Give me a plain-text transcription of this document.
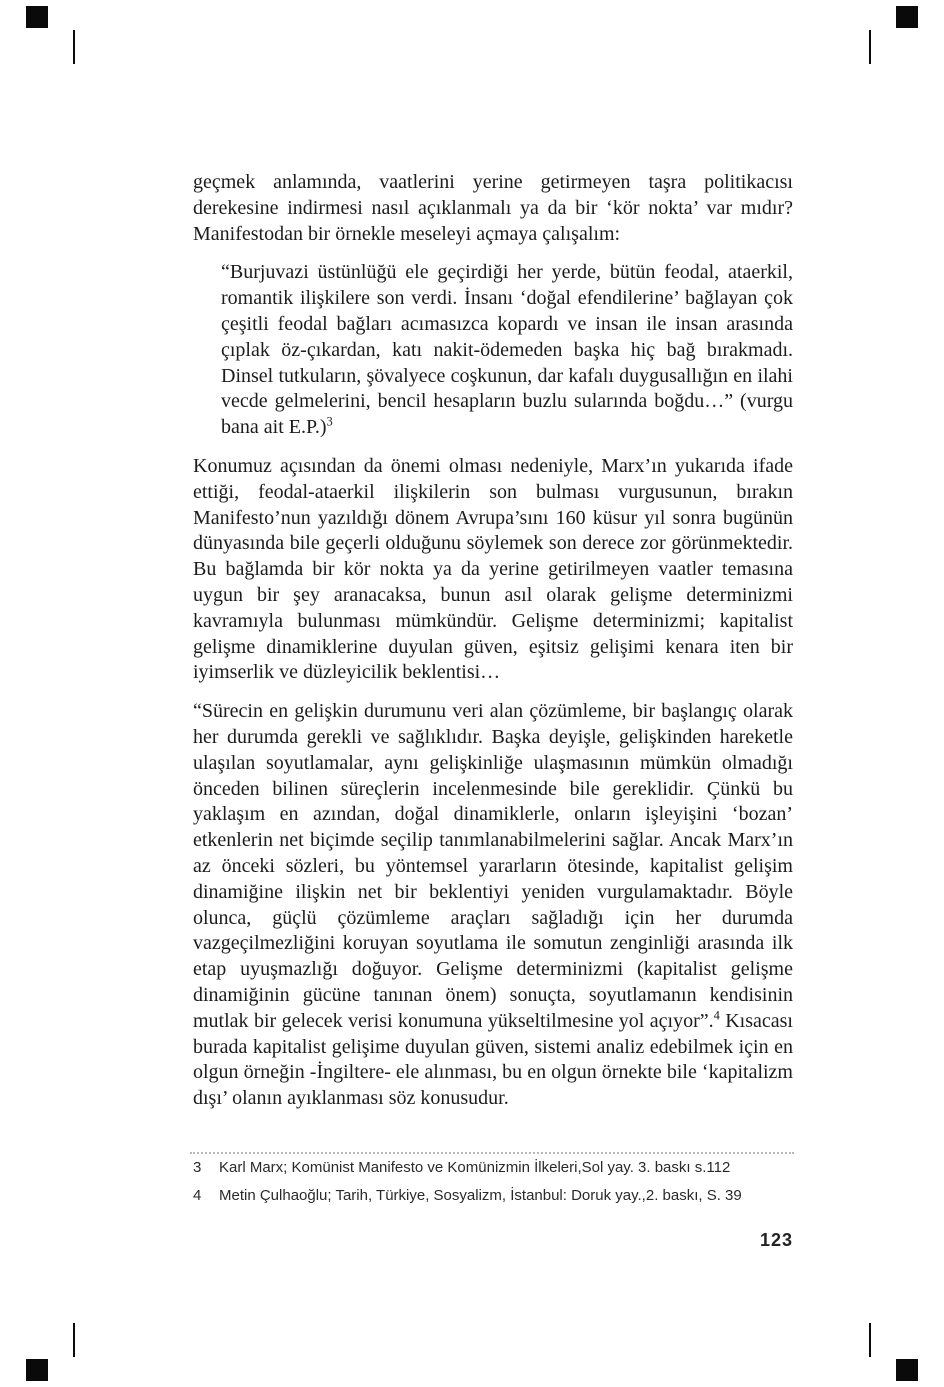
geçmek anlamında, vaatlerini yerine getirmeyen taşra politikacısı derekesine indirmesi nasıl açıklanmalı ya da bir ‘kör nokta’ var mıdır? Manifestodan bir örnekle meseleyi açmaya çalışalım:

“Burjuvazi üstünlüğü ele geçirdiği her yerde, bütün feodal, ataerkil, romantik ilişkilere son verdi. İnsanı ‘doğal efendilerine’ bağlayan çok çeşitli feodal bağları acımasızca kopardı ve insan ile insan arasında çıplak öz-çıkardan, katı nakit-ödemeden başka hiç bağ bırakmadı. Dinsel tutkuların, şövalyece coşkunun, dar kafalı duygusallığın en ilahi vecde gelmelerini, bencil hesapların buzlu sularında boğdu…” (vurgu bana ait E.P.)$^3$

Konumuz açısından da önemi olması nedeniyle, Marx’ın yukarıda ifade ettiği, feodal-ataerkil ilişkilerin son bulması vurgusunun, bırakın Manifesto’nun yazıldığı dönem Avrupa’sını 160 küsur yıl sonra bugünün dünyasında bile geçerli olduğunu söylemek son derece zor görünmektedir. Bu bağlamda bir kör nokta ya da yerine getirilmeyen vaatler temasına uygun bir şey aranacaksa, bunun asıl olarak gelişme determinizmi kavramıyla bulunması mümkündür. Gelişme determinizmi; kapitalist gelişme dinamiklerine duyulan güven, eşitsiz gelişimi kenara iten bir iyimserlik ve düzleyicilik beklentisi…

“Sürecin en gelişkin durumunu veri alan çözümleme, bir başlangıç olarak her durumda gerekli ve sağlıklıdır. Başka deyişle, gelişkinden hareketle ulaşılan soyutlamalar, aynı gelişkinliğe ulaşmasının mümkün olmadığı önceden bilinen süreçlerin incelenmesinde bile gereklidir. Çünkü bu yaklaşım en azından, doğal dinamiklerle, onların işleyişini ‘bozan’ etkenlerin net biçimde seçilip tanımlanabilmelerini sağlar. Ancak Marx’ın az önceki sözleri, bu yöntemsel yararların ötesinde, kapitalist gelişim dinamiğine ilişkin net bir beklentiyi yeniden vurgulamaktadır. Böyle olunca, güçlü çözümleme araçları sağladığı için her durumda vazgeçilmezliğini koruyan soyutlama ile somutun zenginliği arasında ilk etap uyuşmazlığı doğuyor. Gelişme determinizmi (kapitalist gelişme dinamiğinin gücüne tanınan önem) sonuçta, soyutlamanın kendisinin mutlak bir gelecek verisi konumuna yükseltilmesine yol açıyor”.$^4$ Kısacası burada kapitalist gelişime duyulan güven, sistemi analiz edebilmek için en olgun örneğin -İngiltere- ele alınması, bu en olgun örnekte bile ‘kapitalizm dışı’ olanın ayıklanması söz konusudur.

3	Karl Marx; Komünist Manifesto ve Komünizmin İlkeleri,Sol yay. 3. baskı s.112
4	Metin Çulhaoğlu; Tarih, Türkiye, Sosyalizm, İstanbul: Doruk yay.,2. baskı, S. 39
123
